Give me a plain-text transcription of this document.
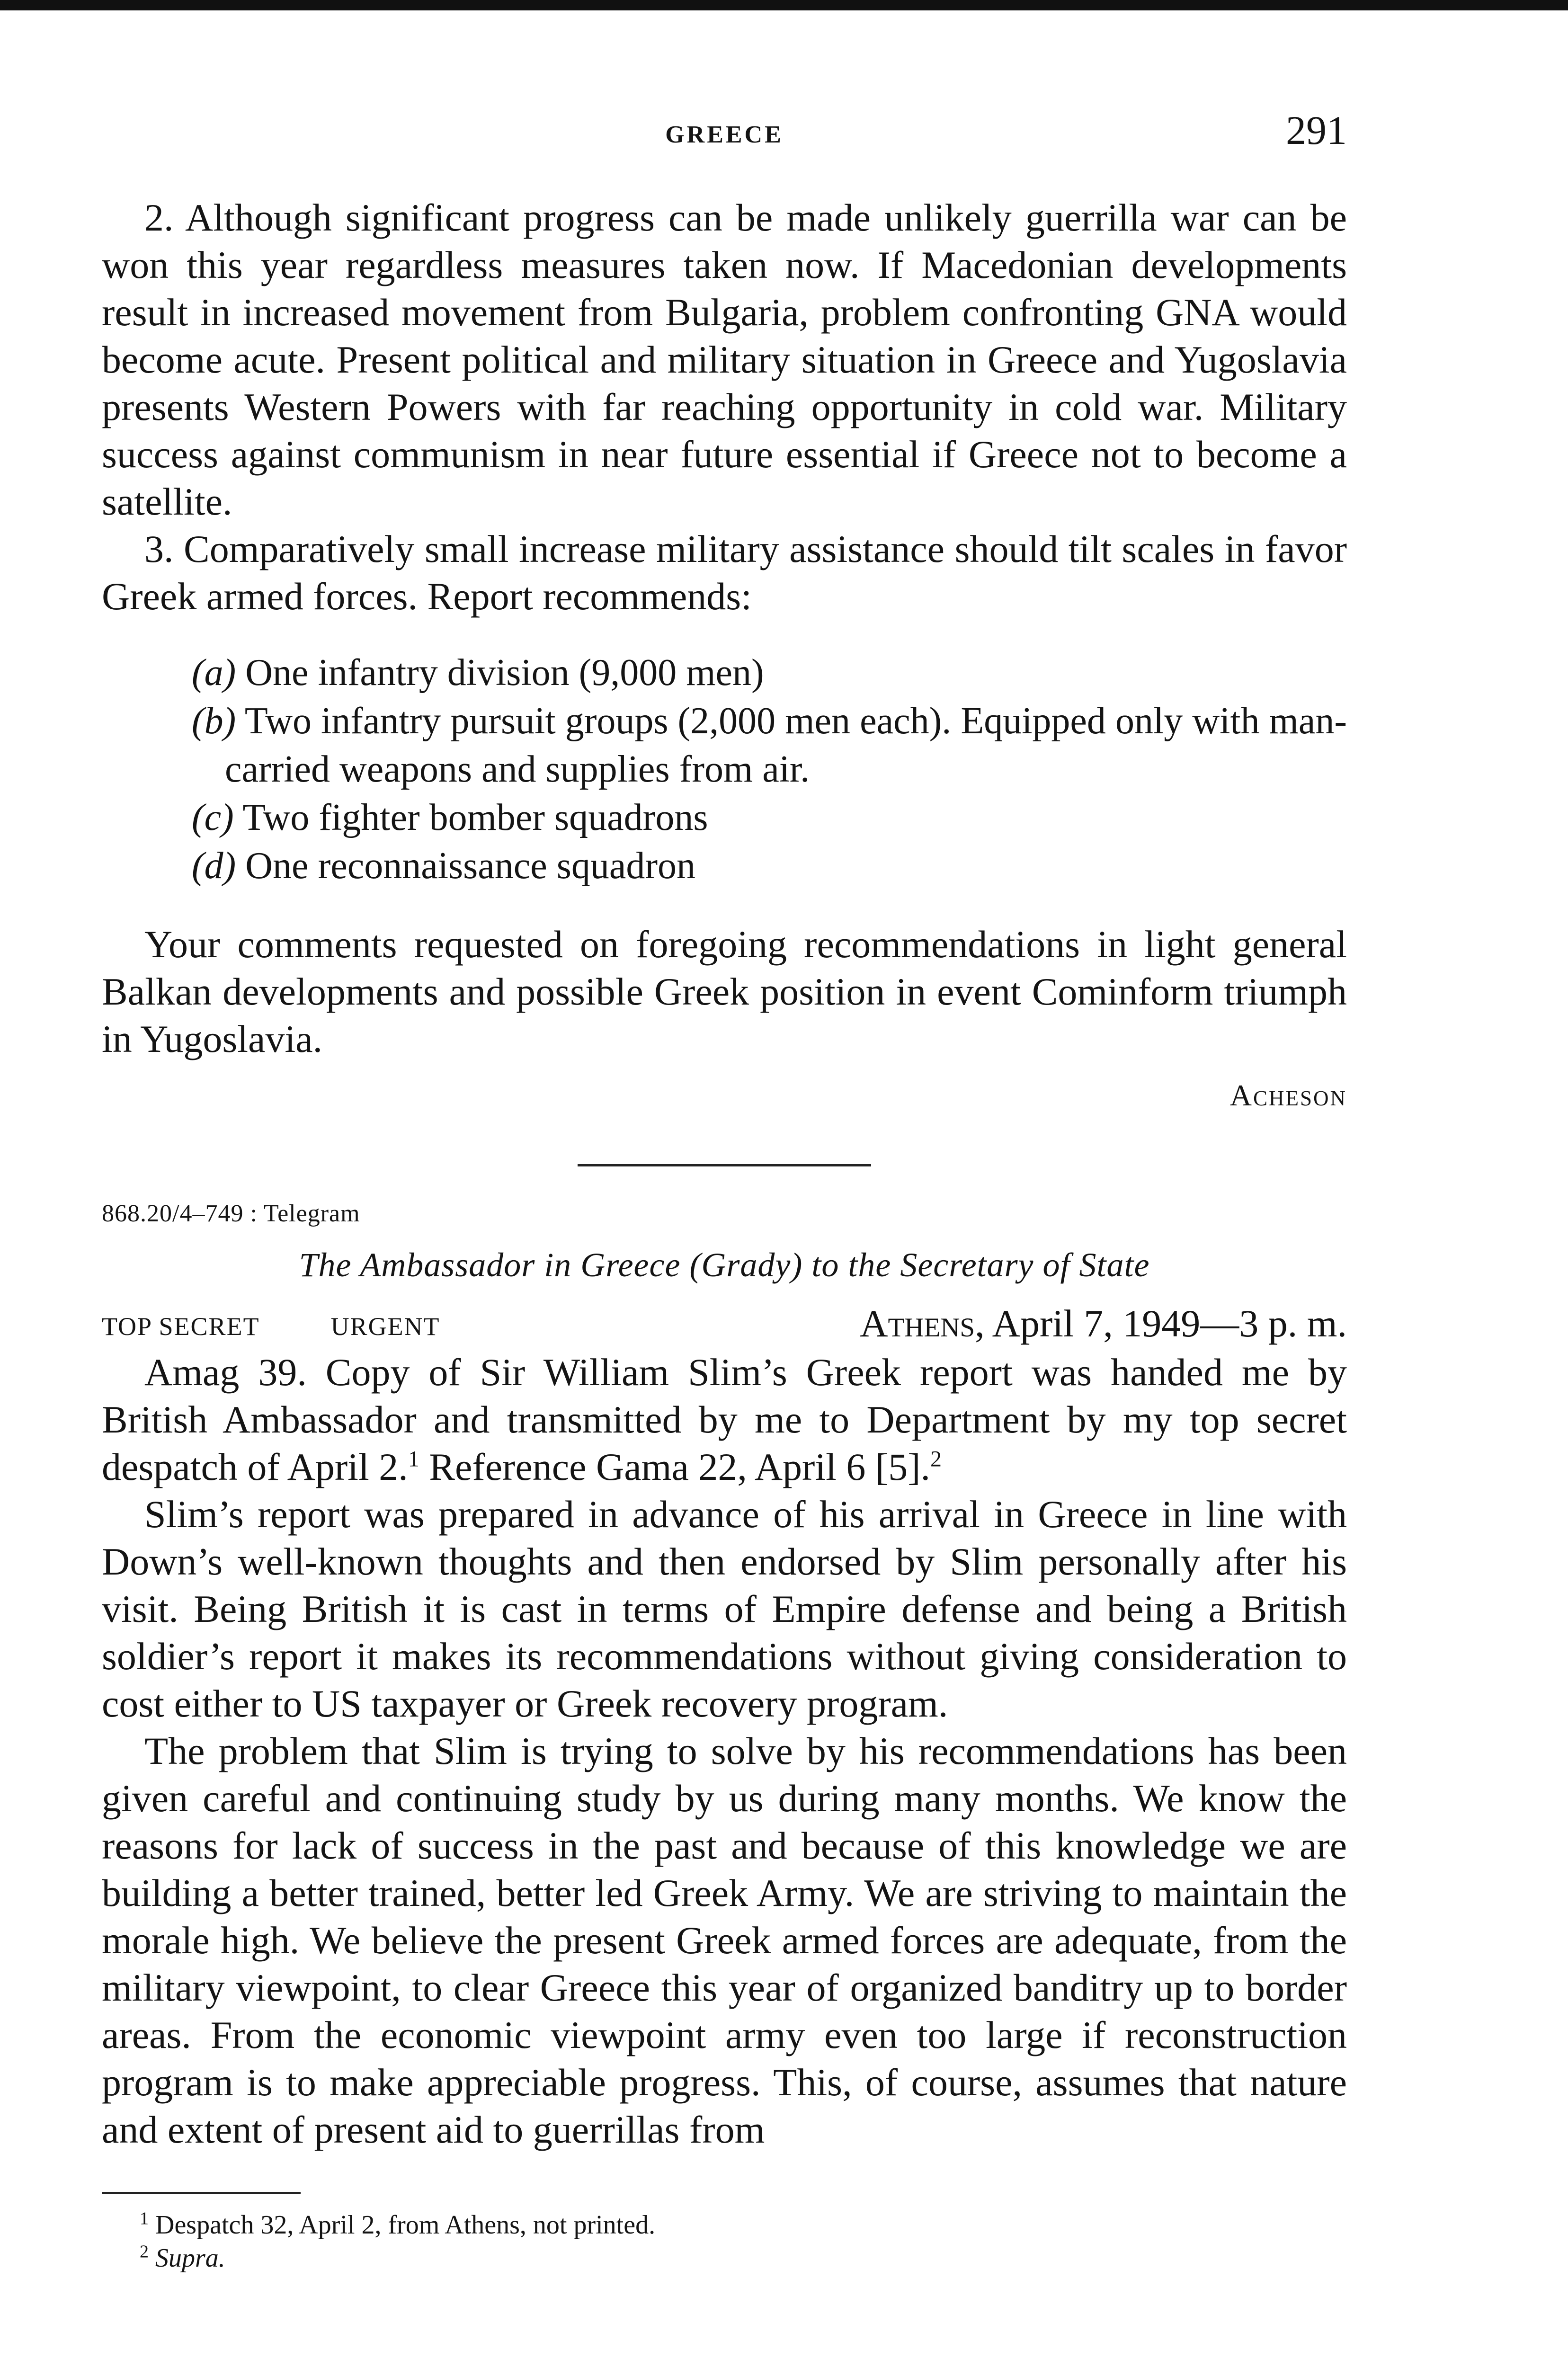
GREECE	291

2. Although significant progress can be made unlikely guerrilla war can be won this year regardless measures taken now. If Macedonian developments result in increased movement from Bulgaria, problem confronting GNA would become acute. Present political and military situation in Greece and Yugoslavia presents Western Powers with far reaching opportunity in cold war. Military success against communism in near future essential if Greece not to become a satellite.

3. Comparatively small increase military assistance should tilt scales in favor Greek armed forces. Report recommends:

(a) One infantry division (9,000 men)

(b) Two infantry pursuit groups (2,000 men each). Equipped only with man-carried weapons and supplies from air.

(c) Two fighter bomber squadrons

(d) One reconnaissance squadron

Your comments requested on foregoing recommendations in light general Balkan developments and possible Greek position in event Cominform triumph in Yugoslavia.

Acheson
868.20/4–749 : Telegram
The Ambassador in Greece (Grady) to the Secretary of State
TOP SECRET	URGENT	Athens, April 7, 1949—3 p. m.

Amag 39. Copy of Sir William Slim’s Greek report was handed me by British Ambassador and transmitted by me to Department by my top secret despatch of April 2.$^1$ Reference Gama 22, April 6 [5].$^2$

Slim’s report was prepared in advance of his arrival in Greece in line with Down’s well-known thoughts and then endorsed by Slim personally after his visit. Being British it is cast in terms of Empire defense and being a British soldier’s report it makes its recommendations without giving consideration to cost either to US taxpayer or Greek recovery program.

The problem that Slim is trying to solve by his recommendations has been given careful and continuing study by us during many months. We know the reasons for lack of success in the past and because of this knowledge we are building a better trained, better led Greek Army. We are striving to maintain the morale high. We believe the present Greek armed forces are adequate, from the military viewpoint, to clear Greece this year of organized banditry up to border areas. From the economic viewpoint army even too large if reconstruction program is to make appreciable progress. This, of course, assumes that nature and extent of present aid to guerrillas from

$^1$ Despatch 32, April 2, from Athens, not printed.

$^2$ Supra.
